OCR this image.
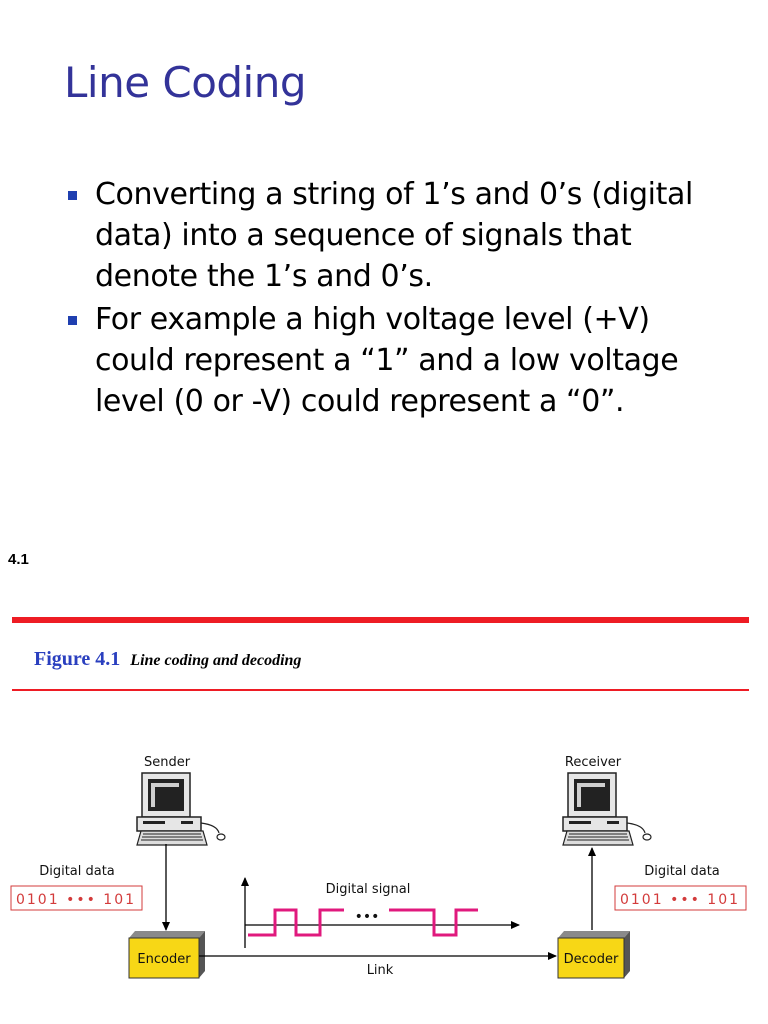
Line Coding
Converting a string of 1’s and 0’s (digital data) into a sequence of signals that denote the 1’s and 0’s.
For example a high voltage level (+V) could represent a “1” and a low voltage level (0 or -V) could represent a “0”.
4.1
Figure 4.1 Line coding and decoding
Sender	Receiver
Digital data	Digital data
0101 ••• 101	0101 ••• 101
Encoder	Decoder
Link
Digital signal
•••
